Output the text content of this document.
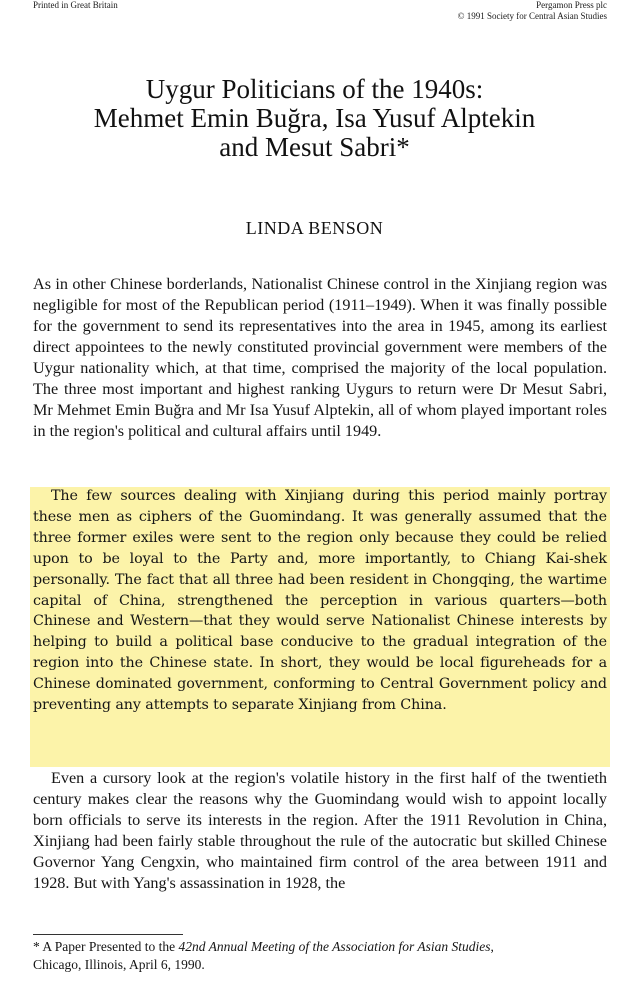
Printed in Great Britain	Pergamon Press plc
© 1991 Society for Central Asian Studies
Uygur Politicians of the 1940s:
Mehmet Emin Buğra, Isa Yusuf Alptekin
and Mesut Sabri*
LINDA BENSON

As in other Chinese borderlands, Nationalist Chinese control in the Xinjiang region was negligible for most of the Republican period (1911–1949). When it was finally possible for the government to send its representatives into the area in 1945, among its earliest direct appointees to the newly constituted provincial government were members of the Uygur nationality which, at that time, comprised the majority of the local population. The three most important and highest ranking Uygurs to return were Dr Mesut Sabri, Mr Mehmet Emin Buğra and Mr Isa Yusuf Alptekin, all of whom played important roles in the region's political and cultural affairs until 1949.

The few sources dealing with Xinjiang during this period mainly portray these men as ciphers of the Guomindang. It was generally assumed that the three former exiles were sent to the region only because they could be relied upon to be loyal to the Party and, more importantly, to Chiang Kai-shek personally. The fact that all three had been resident in Chongqing, the wartime capital of China, strengthened the perception in various quarters—both Chinese and Western—that they would serve Nationalist Chinese interests by helping to build a political base conducive to the gradual integration of the region into the Chinese state. In short, they would be local figureheads for a Chinese dominated government, conforming to Central Government policy and preventing any attempts to separate Xinjiang from China.

Even a cursory look at the region's volatile history in the first half of the twentieth century makes clear the reasons why the Guomindang would wish to appoint locally born officials to serve its interests in the region. After the 1911 Revolution in China, Xinjiang had been fairly stable throughout the rule of the autocratic but skilled Chinese Governor Yang Cengxin, who maintained firm control of the area between 1911 and 1928. But with Yang's assassination in 1928, the

* A Paper Presented to the 42nd Annual Meeting of the Association for Asian Studies,
Chicago, Illinois, April 6, 1990.
